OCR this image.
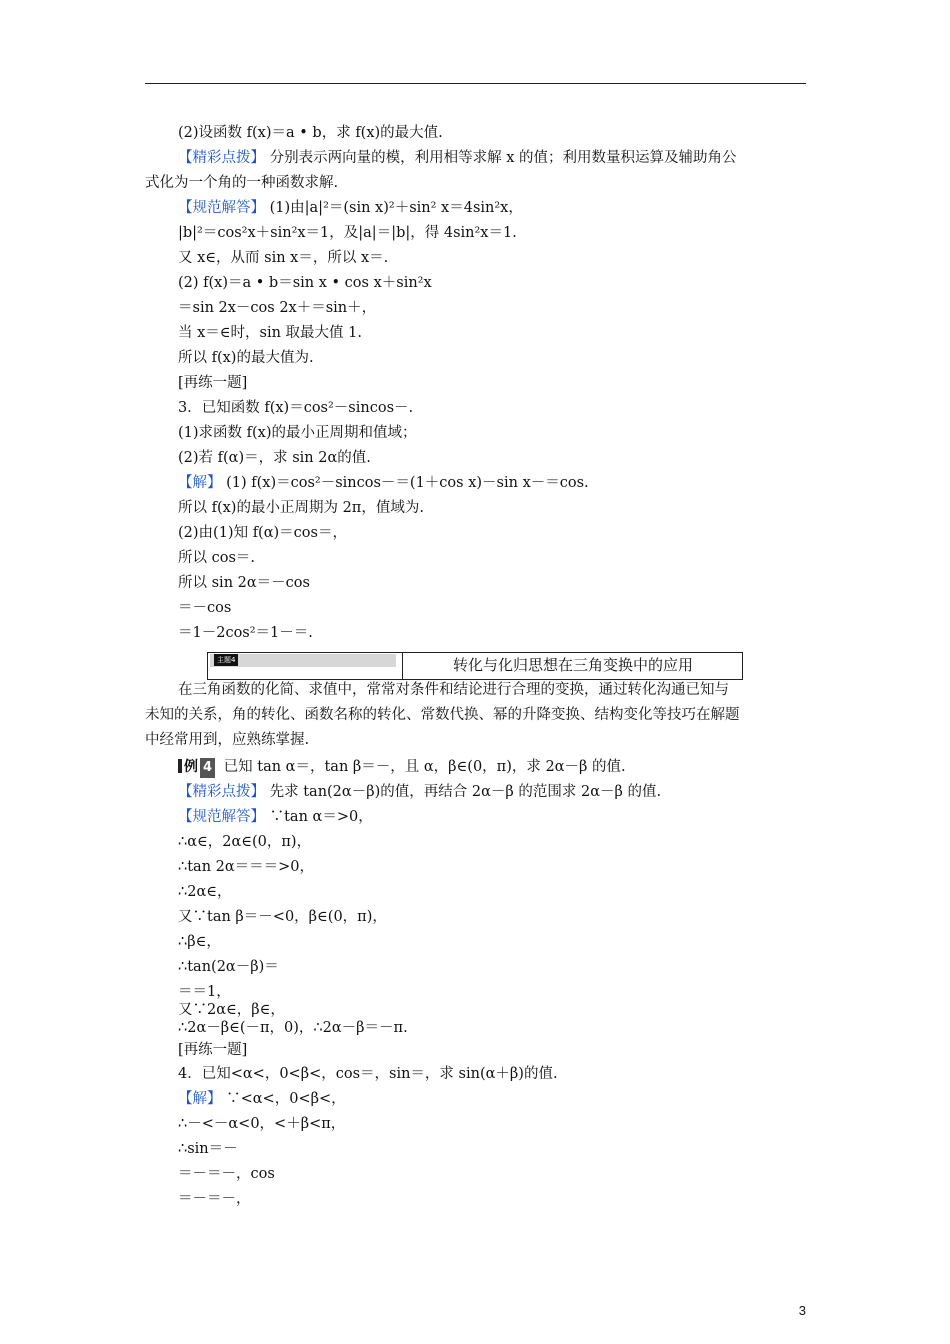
(2)设函数 f(x)＝a • b，求 f(x)的最大值.
【 精彩点拨 】 分别表示两向量的模，利用相等求解 x 的值；利用数量积运算及辅助角公
式化为一个角的一种函数求解.
【 规范解答 】 (1)由|a|²＝(sin x)²＋sin² x＝4sin²x，
|b|²＝cos²x＋sin²x＝1，及|a|＝|b|，得 4sin²x＝1.
又 x∈，从而 sin x＝，所以 x＝.
(2) f(x)＝a • b＝sin x • cos x＋sin²x
＝sin 2x－cos 2x＋＝sin＋，
当 x＝∈时，sin 取最大值 1.
所以 f(x)的最大值为.
[再练一题]
3．已知函数 f(x)＝cos²－sincos－.
(1)求函数 f(x)的最小正周期和值域；
(2)若 f(α)＝，求 sin 2α的值.
【 解 】 (1) f(x)＝cos²－sincos－＝(1＋cos x)－sin x－＝cos.
所以 f(x)的最小正周期为 2π，值域为.
(2)由(1)知 f(α)＝cos＝，
所以 cos＝.
所以 sin 2α＝－cos
＝－cos
＝1－2cos²＝1－＝.
在三角函数的化简、求值中，常常对条件和结论进行合理的变换，通过转化沟通已知与
未知的关系，角的转化、函数名称的转化、常数代换、幂的升降变换、结构变化等技巧在解题
中经常用到，应熟练掌握.
【 精彩点拨 】 先求 tan(2α－β)的值，再结合 2α－β 的范围求 2α－β 的值.
【 规范解答 】 ∵tan α＝>0，
∴α∈，2α∈(0，π)，
∴tan 2α＝＝＝>0，
∴2α∈，
又∵tan β＝－<0，β∈(0，π)，
∴β∈，
∴tan(2α－β)＝
＝＝1，
又∵2α∈，β∈，
∴2α－β∈(－π，0)，∴2α－β＝－π.
[再练一题]
4．已知<α<，0<β<，cos＝，sin＝，求 sin(α＋β)的值.
【 解 】 ∵<α<，0<β<，
∴－<－α<0，<＋β<π，
∴sin＝－
＝－＝－，cos
＝－＝－，
主题4	转化与化归思想在三角变换中的应用
例 4 已知 tan α＝，tan β＝－，且 α，β∈(0，π)，求 2α－β 的值.
3
